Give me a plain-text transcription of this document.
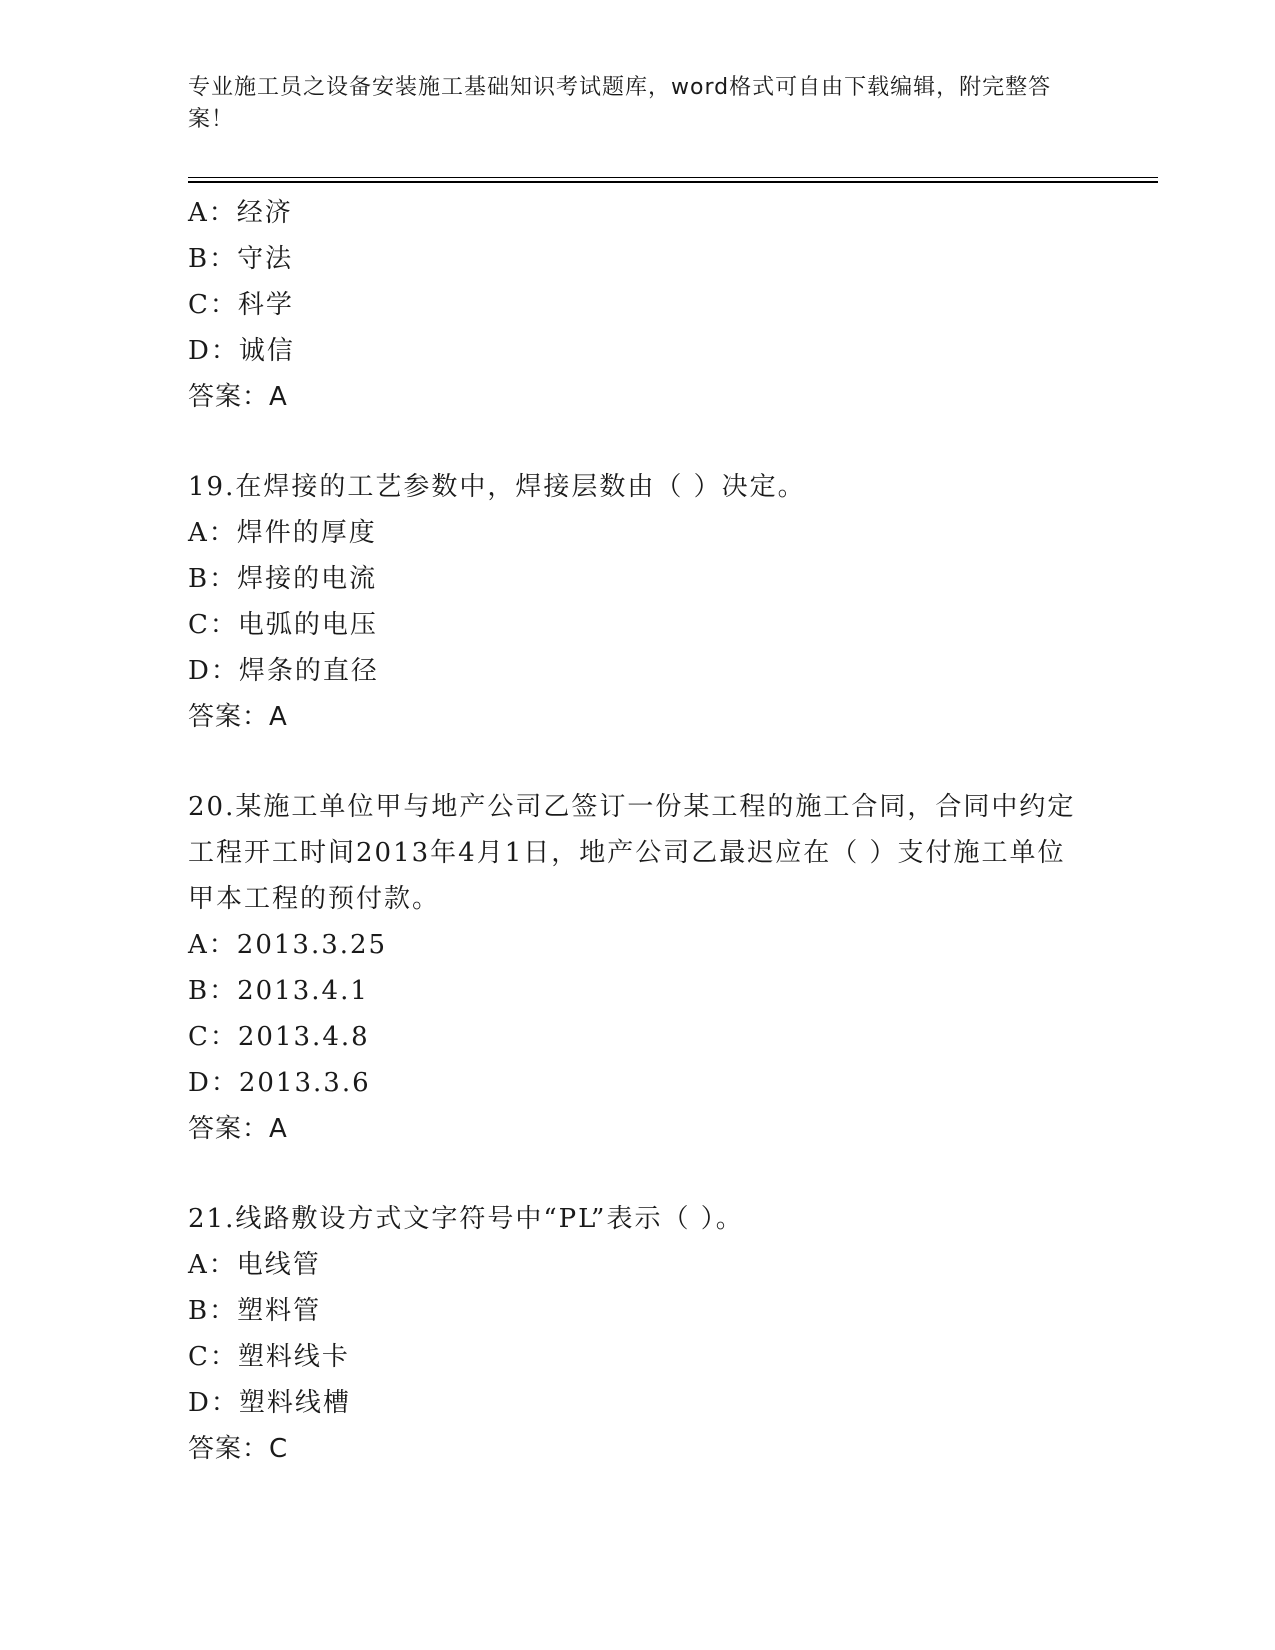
专业施工员之设备安装施工基础知识考试题库，word格式可自由下载编辑，附完整答案！
A：经济
B：守法
C：科学
D：诚信
答案：A
19.在焊接的工艺参数中，焊接层数由（ ）决定。
A：焊件的厚度
B：焊接的电流
C：电弧的电压
D：焊条的直径
答案：A
20.某施工单位甲与地产公司乙签订一份某工程的施工合同，合同中约定工程开工时间2013年4月1日，地产公司乙最迟应在（ ）支付施工单位甲本工程的预付款。
A：2013.3.25
B：2013.4.1
C：2013.4.8
D：2013.3.6
答案：A
21.线路敷设方式文字符号中“PL”表示（ ）。
A：电线管
B：塑料管
C：塑料线卡
D：塑料线槽
答案：C
